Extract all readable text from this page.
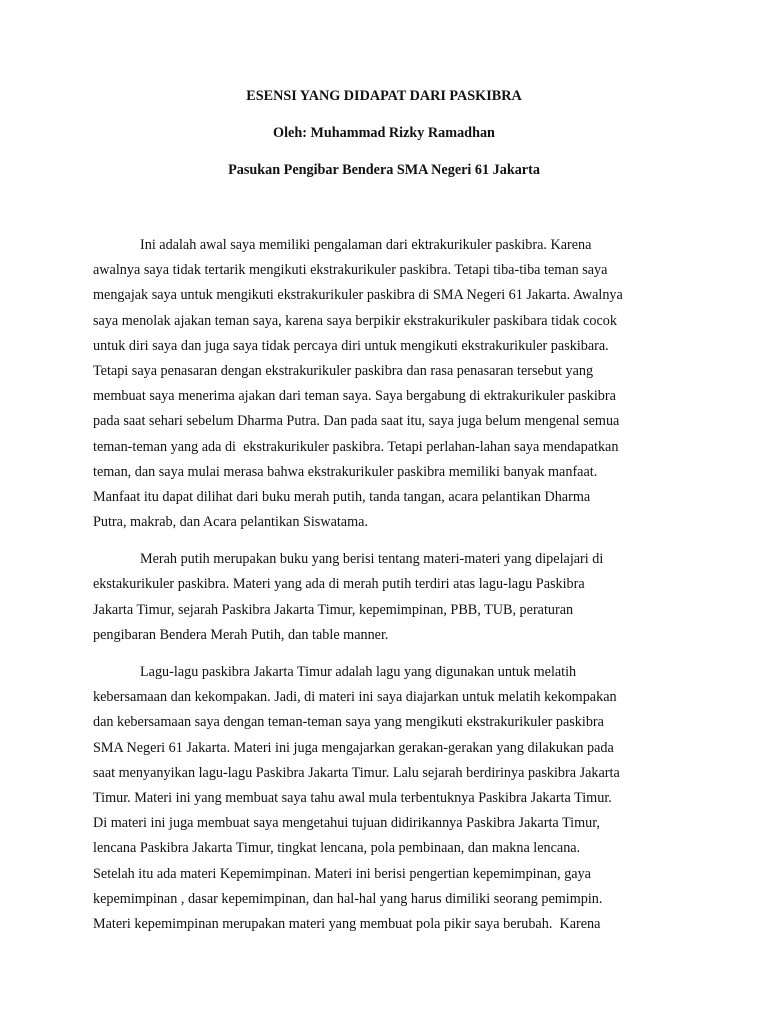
ESENSI YANG DIDAPAT DARI PASKIBRA
Oleh: Muhammad Rizky Ramadhan
Pasukan Pengibar Bendera SMA Negeri 61 Jakarta
Ini adalah awal saya memiliki pengalaman dari ektrakurikuler paskibra. Karena
awalnya saya tidak tertarik mengikuti ekstrakurikuler paskibra. Tetapi tiba-tiba teman saya
mengajak saya untuk mengikuti ekstrakurikuler paskibra di SMA Negeri 61 Jakarta. Awalnya
saya menolak ajakan teman saya, karena saya berpikir ekstrakurikuler paskibara tidak cocok
untuk diri saya dan juga saya tidak percaya diri untuk mengikuti ekstrakurikuler paskibara.
Tetapi saya penasaran dengan ekstrakurikuler paskibra dan rasa penasaran tersebut yang
membuat saya menerima ajakan dari teman saya. Saya bergabung di ektrakurikuler paskibra
pada saat sehari sebelum Dharma Putra. Dan pada saat itu, saya juga belum mengenal semua
teman-teman yang ada di  ekstrakurikuler paskibra. Tetapi perlahan-lahan saya mendapatkan
teman, dan saya mulai merasa bahwa ekstrakurikuler paskibra memiliki banyak manfaat.
Manfaat itu dapat dilihat dari buku merah putih, tanda tangan, acara pelantikan Dharma
Putra, makrab, dan Acara pelantikan Siswatama.
Merah putih merupakan buku yang berisi tentang materi-materi yang dipelajari di
ekstakurikuler paskibra. Materi yang ada di merah putih terdiri atas lagu-lagu Paskibra
Jakarta Timur, sejarah Paskibra Jakarta Timur, kepemimpinan, PBB, TUB, peraturan
pengibaran Bendera Merah Putih, dan table manner.
Lagu-lagu paskibra Jakarta Timur adalah lagu yang digunakan untuk melatih
kebersamaan dan kekompakan. Jadi, di materi ini saya diajarkan untuk melatih kekompakan
dan kebersamaan saya dengan teman-teman saya yang mengikuti ekstrakurikuler paskibra
SMA Negeri 61 Jakarta. Materi ini juga mengajarkan gerakan-gerakan yang dilakukan pada
saat menyanyikan lagu-lagu Paskibra Jakarta Timur. Lalu sejarah berdirinya paskibra Jakarta
Timur. Materi ini yang membuat saya tahu awal mula terbentuknya Paskibra Jakarta Timur.
Di materi ini juga membuat saya mengetahui tujuan didirikannya Paskibra Jakarta Timur,
lencana Paskibra Jakarta Timur, tingkat lencana, pola pembinaan, dan makna lencana.
Setelah itu ada materi Kepemimpinan. Materi ini berisi pengertian kepemimpinan, gaya
kepemimpinan , dasar kepemimpinan, dan hal-hal yang harus dimiliki seorang pemimpin.
Materi kepemimpinan merupakan materi yang membuat pola pikir saya berubah.  Karena
